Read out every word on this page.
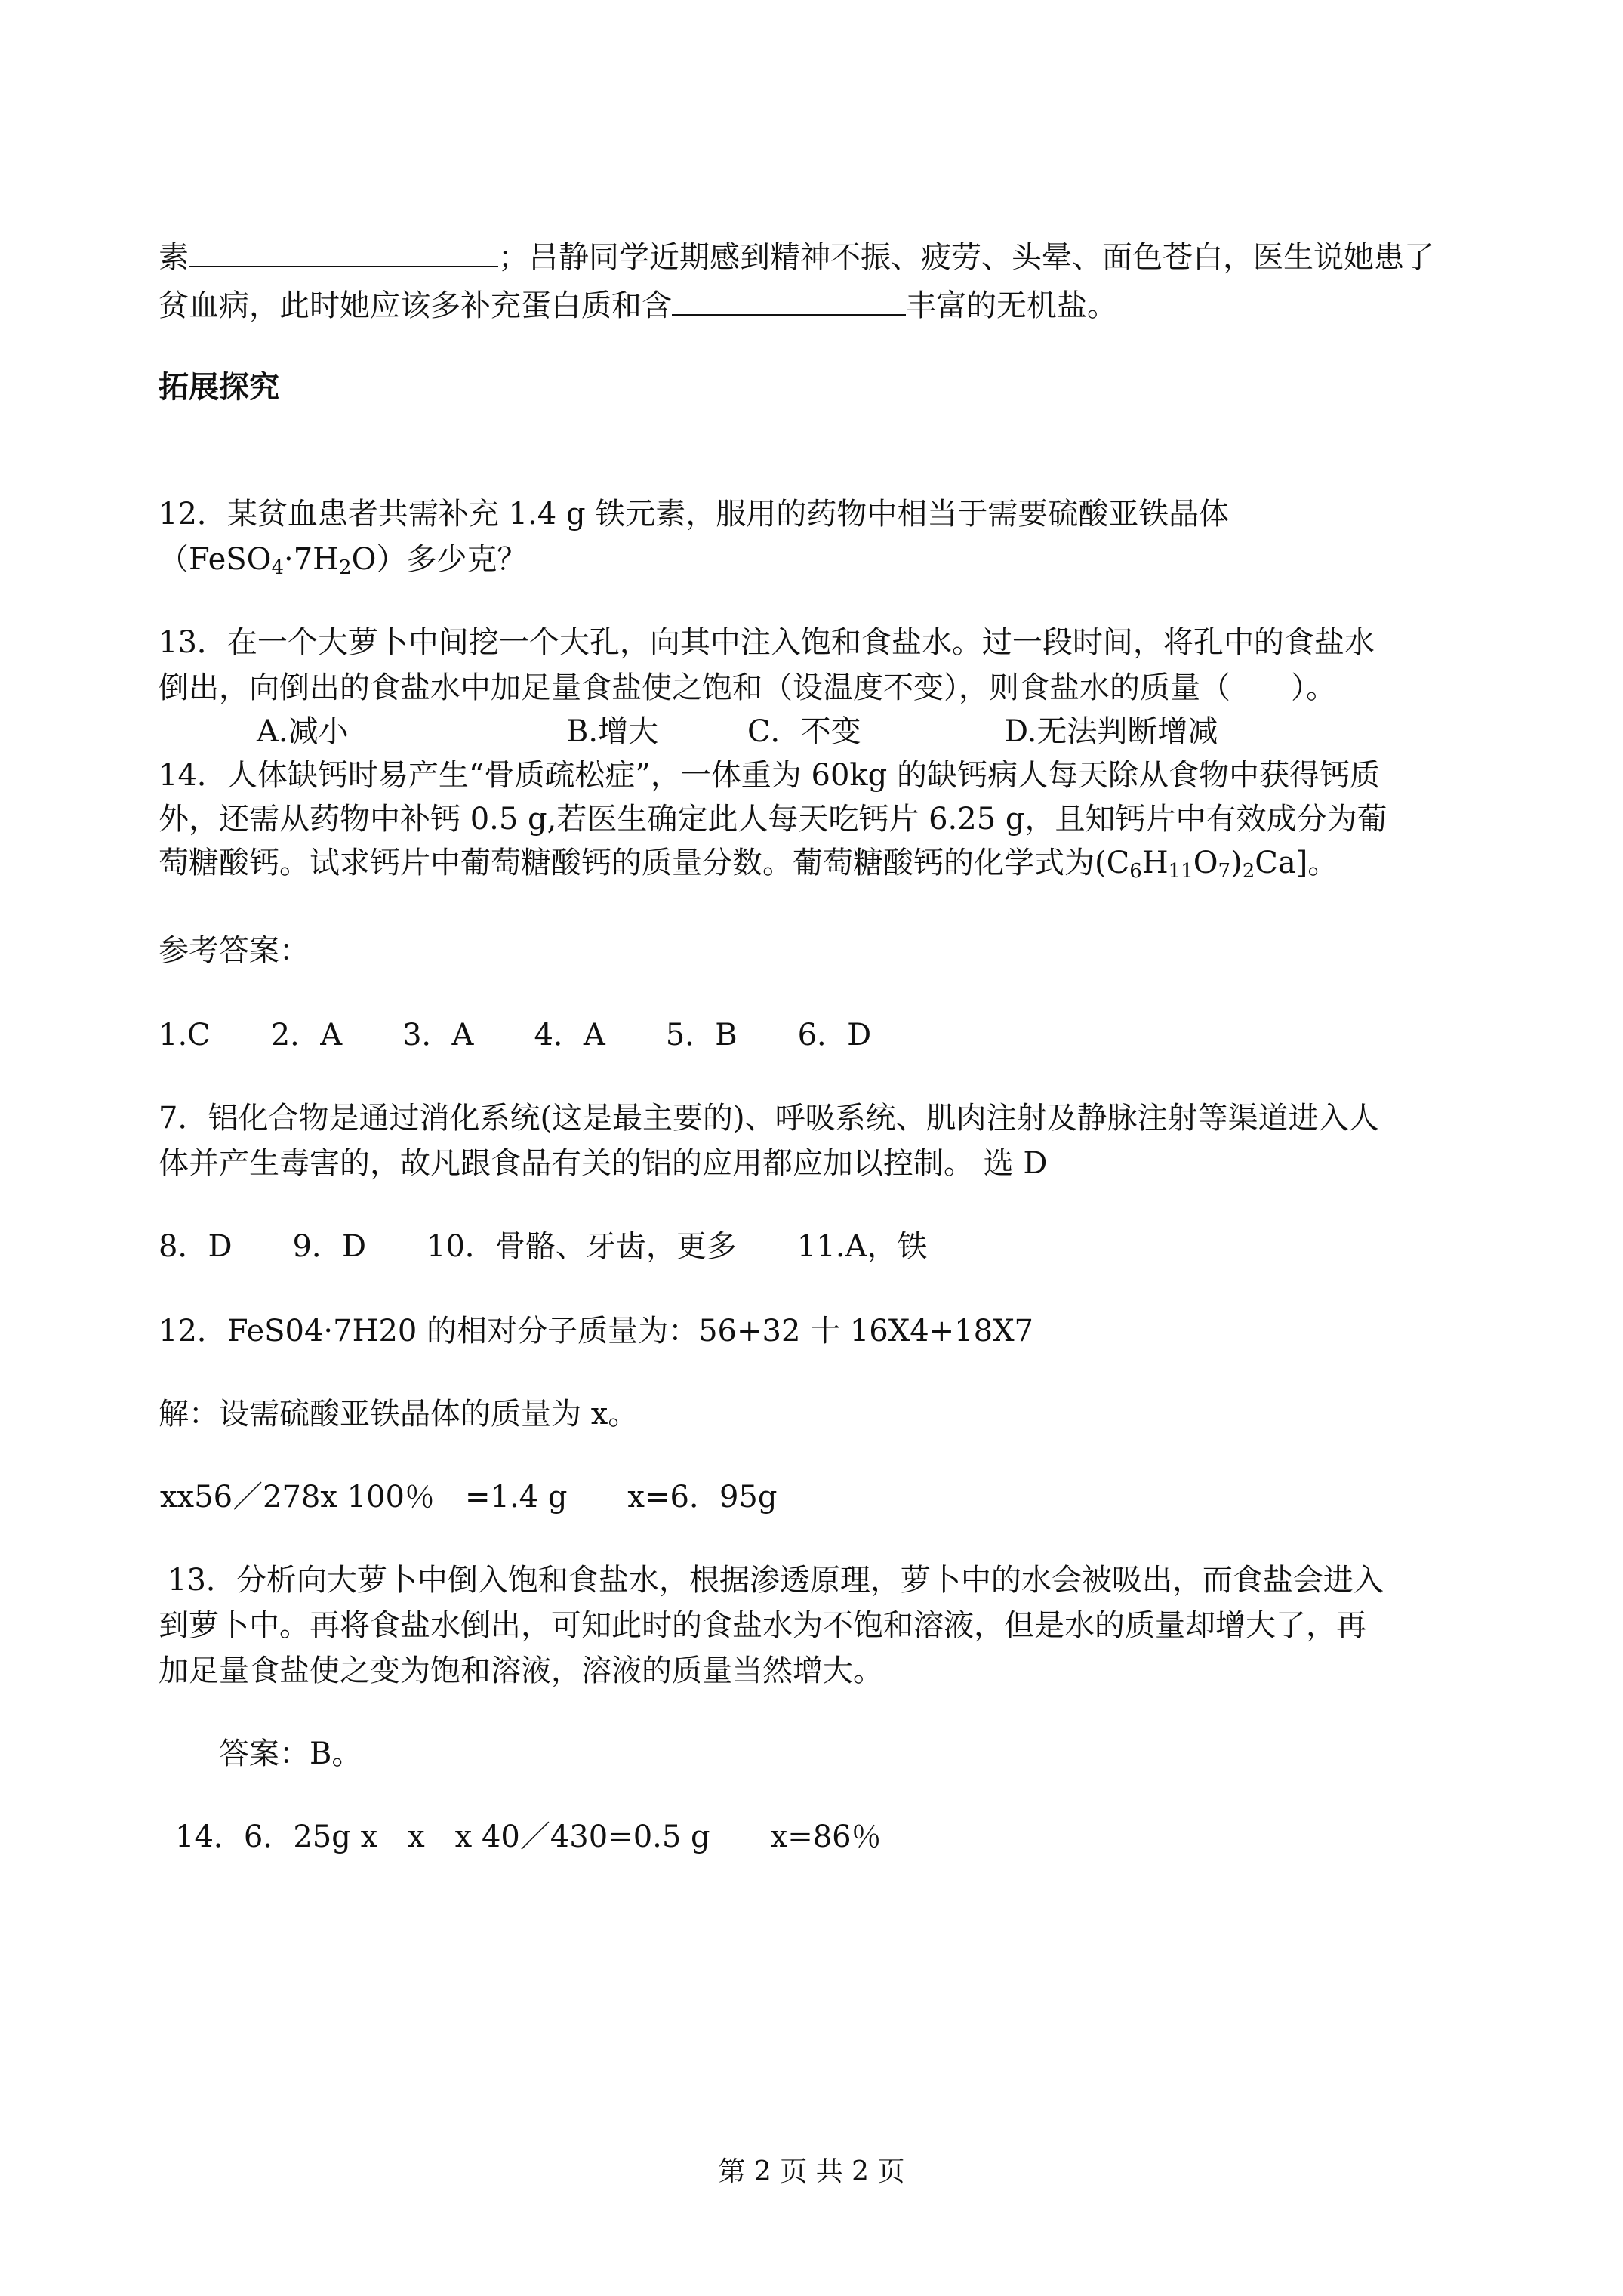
素	；吕静同学近期感到精神不振、疲劳、头晕、面色苍白，医生说她患了

贫血病，此时她应该多补充蛋白质和含	丰富的无机盐。

拓展探究

12．某贫血患者共需补充 1.4 g 铁元素，服用的药物中相当于需要硫酸亚铁晶体

$(FeSO_4\cdot 7H_2O)$多少克？

13．在一个大萝卜中间挖一个大孔，向其中注入饱和食盐水。过一段时间，将孔中的食盐水

倒出，向倒出的食盐水中加足量食盐使之饱和（设温度不变），则食盐水的质量（　　）。

A.减小	B.增大	C．不变	D.无法判断增减

14．人体缺钙时易产生“骨质疏松症”，一体重为 60kg 的缺钙病人每天除从食物中获得钙质

外，还需从药物中补钙 0.5 g,若医生确定此人每天吃钙片 6.25 g，且知钙片中有效成分为葡

萄糖酸钙。试求钙片中葡萄糖酸钙的质量分数。葡萄糖酸钙的化学式为$(C_6H_{11}O_7)_2Ca$]。

参考答案：

1.C　　2．A　　3．A　　4．A　　5．B　　6．D

7．铝化合物是通过消化系统(这是最主要的)、呼吸系统、肌肉注射及静脉注射等渠道进入人

体并产生毒害的，故凡跟食品有关的铝的应用都应加以控制。 选 D

8．D　　9．D　　10．骨骼、牙齿，更多　　11.A，铁

12．FeS04·7H20 的相对分子质量为：56+32 十 16X4+18X7

解：设需硫酸亚铁晶体的质量为 x。

xx56／278x 100％　=1.4 g　　x=6．95g

13．分析向大萝卜中倒入饱和食盐水，根据渗透原理，萝卜中的水会被吸出，而食盐会进入

到萝卜中。再将食盐水倒出，可知此时的食盐水为不饱和溶液，但是水的质量却增大了，再

加足量食盐使之变为饱和溶液，溶液的质量当然增大。

答案：B。

14．6．25g x　x　x 40／430=0.5 g　　x=86％

第 2 页 共 2 页
